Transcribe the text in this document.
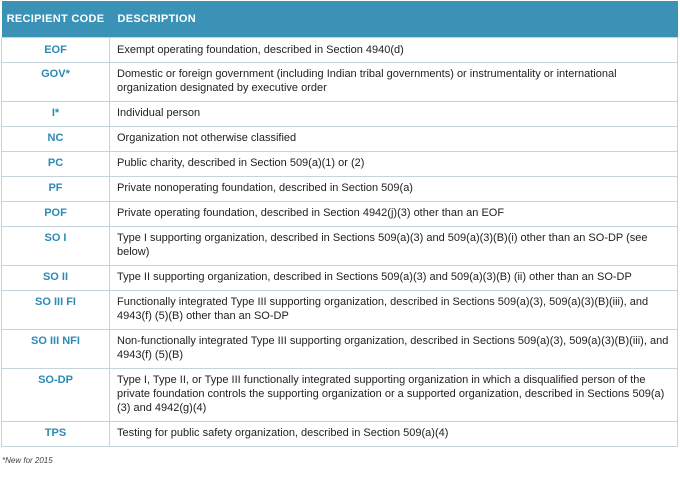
RECIPIENT CODE	DESCRIPTION
EOF	Exempt operating foundation, described in Section 4940(d)
GOV*	Domestic or foreign government (including Indian tribal governments) or instrumentality or international organization designated by executive order
I*	Individual person
NC	Organization not otherwise classified
PC	Public charity, described in Section 509(a)(1) or (2)
PF	Private nonoperating foundation, described in Section 509(a)
POF	Private operating foundation, described in Section 4942(j)(3) other than an EOF
SO I	Type I supporting organization, described in Sections 509(a)(3) and 509(a)(3)(B)(i) other than an SO-DP (see below)
SO II	Type II supporting organization, described in Sections 509(a)(3) and 509(a)(3)(B) (ii) other than an SO-DP
SO III FI	Functionally integrated Type III supporting organization, described in Sections 509(a)(3), 509(a)(3)(B)(iii), and 4943(f) (5)(B) other than an SO-DP
SO III NFI	Non-functionally integrated Type III supporting organization, described in Sections 509(a)(3), 509(a)(3)(B)(iii), and 4943(f) (5)(B)
SO-DP	Type I, Type II, or Type III functionally integrated supporting organization in which a disqualified person of the private foundation controls the supporting organization or a supported organization, described in Sections 509(a)(3) and 4942(g)(4)
TPS	Testing for public safety organization, described in Section 509(a)(4)
*New for 2015
